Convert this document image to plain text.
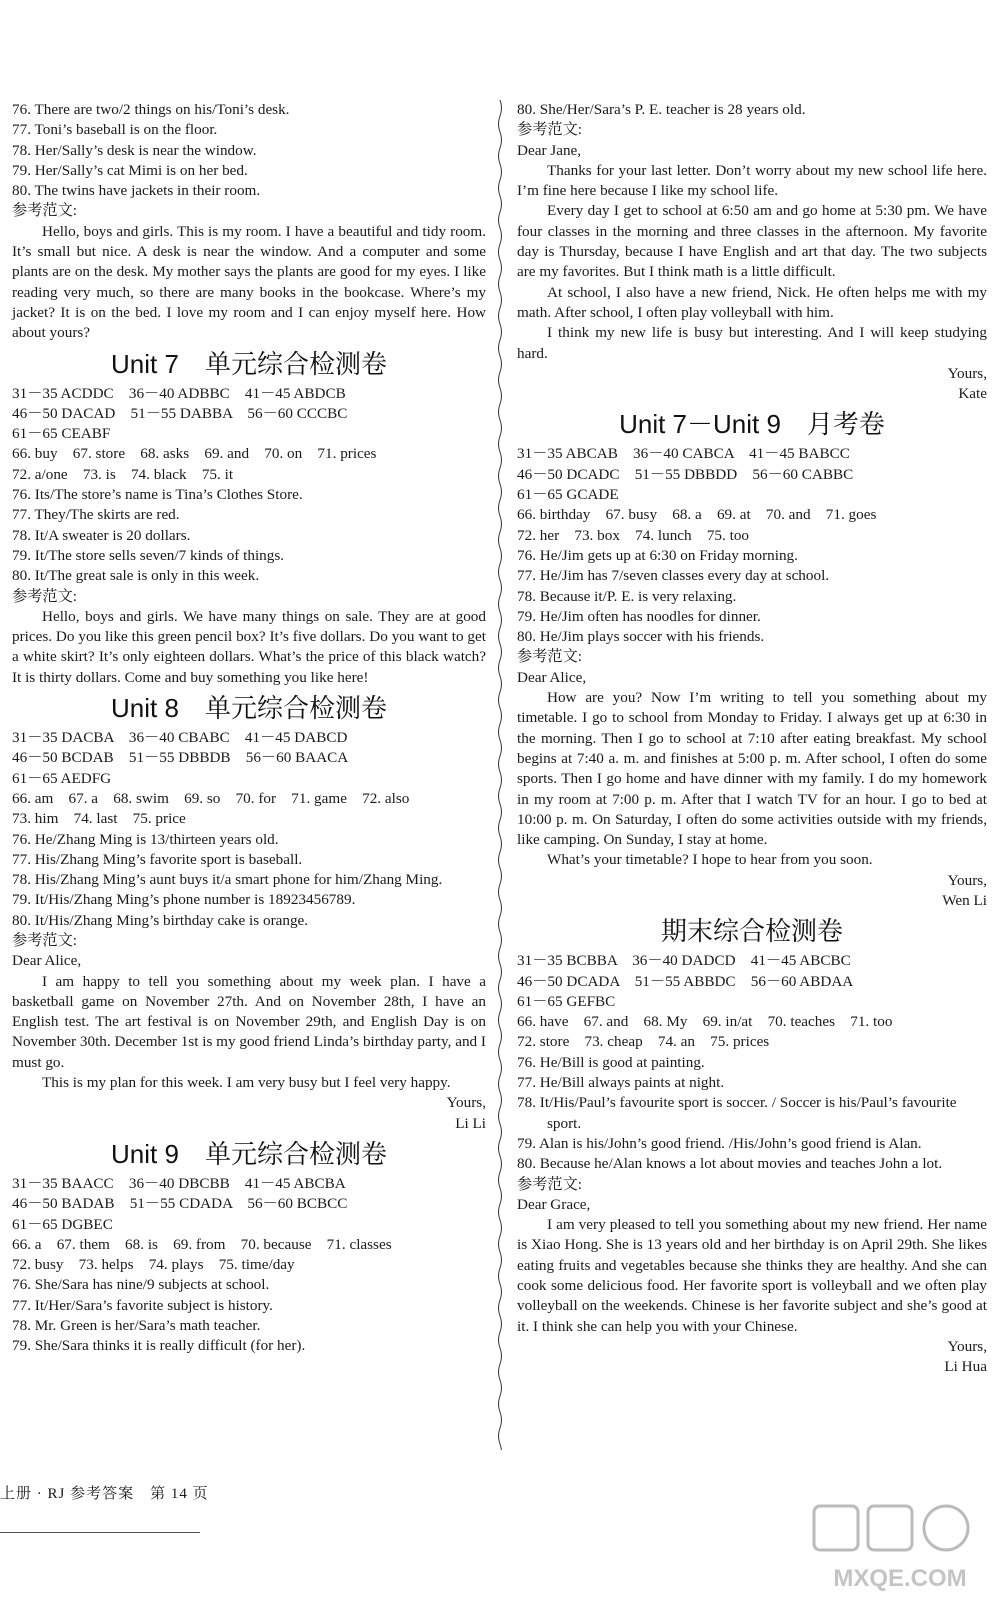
76. There are two/2 things on his/Toni’s desk.
77. Toni’s baseball is on the floor.
78. Her/Sally’s desk is near the window.
79. Her/Sally’s cat Mimi is on her bed.
80. The twins have jackets in their room.
参考范文:
Hello, boys and girls. This is my room. I have a beautiful and tidy room. It’s small but nice. A desk is near the window. And a computer and some plants are on the desk. My mother says the plants are good for my eyes. I like reading very much, so there are many books in the bookcase. Where’s my jacket? It is on the bed. I love my room and I can enjoy myself here. How about yours?
Unit 7　单元综合检测卷
31－35 ACDDC　36－40 ADBBC　41－45 ABDCB
46－50 DACAD　51－55 DABBA　56－60 CCCBC
61－65 CEABF
66. buy　67. store　68. asks　69. and　70. on　71. prices
72. a/one　73. is　74. black　75. it
76. Its/The store’s name is Tina’s Clothes Store.
77. They/The skirts are red.
78. It/A sweater is 20 dollars.
79. It/The store sells seven/7 kinds of things.
80. It/The great sale is only in this week.
参考范文:
Hello, boys and girls. We have many things on sale. They are at good prices. Do you like this green pencil box? It’s five dollars. Do you want to get a white skirt? It’s only eighteen dollars. What’s the price of this black watch? It is thirty dollars. Come and buy something you like here!
Unit 8　单元综合检测卷
31－35 DACBA　36－40 CBABC　41－45 DABCD
46－50 BCDAB　51－55 DBBDB　56－60 BAACA
61－65 AEDFG
66. am　67. a　68. swim　69. so　70. for　71. game　72. also
73. him　74. last　75. price
76. He/Zhang Ming is 13/thirteen years old.
77. His/Zhang Ming’s favorite sport is baseball.
78. His/Zhang Ming’s aunt buys it/a smart phone for him/Zhang Ming.
79. It/His/Zhang Ming’s phone number is 18923456789.
80. It/His/Zhang Ming’s birthday cake is orange.
参考范文:
Dear Alice,
I am happy to tell you something about my week plan. I have a basketball game on November 27th. And on November 28th, I have an English test. The art festival is on November 29th, and English Day is on November 30th. December 1st is my good friend Linda’s birthday party, and I must go.
This is my plan for this week. I am very busy but I feel very happy.
Yours,
Li Li
Unit 9　单元综合检测卷
31－35 BAACC　36－40 DBCBB　41－45 ABCBA
46－50 BADAB　51－55 CDADA　56－60 BCBCC
61－65 DGBEC
66. a　67. them　68. is　69. from　70. because　71. classes
72. busy　73. helps　74. plays　75. time/day
76. She/Sara has nine/9 subjects at school.
77. It/Her/Sara’s favorite subject is history.
78. Mr. Green is her/Sara’s math teacher.
79. She/Sara thinks it is really difficult (for her).
80. She/Her/Sara’s P. E. teacher is 28 years old.
参考范文:
Dear Jane,
Thanks for your last letter. Don’t worry about my new school life here. I’m fine here because I like my school life.
Every day I get to school at 6:50 am and go home at 5:30 pm. We have four classes in the morning and three classes in the afternoon. My favorite day is Thursday, because I have English and art that day. The two subjects are my favorites. But I think math is a little difficult.
At school, I also have a new friend, Nick. He often helps me with my math. After school, I often play volleyball with him.
I think my new life is busy but interesting. And I will keep studying hard.
Yours,
Kate
Unit 7－Unit 9　月考卷
31－35 ABCAB　36－40 CABCA　41－45 BABCC
46－50 DCADC　51－55 DBBDD　56－60 CABBC
61－65 GCADE
66. birthday　67. busy　68. a　69. at　70. and　71. goes
72. her　73. box　74. lunch　75. too
76. He/Jim gets up at 6:30 on Friday morning.
77. He/Jim has 7/seven classes every day at school.
78. Because it/P. E. is very relaxing.
79. He/Jim often has noodles for dinner.
80. He/Jim plays soccer with his friends.
参考范文:
Dear Alice,
How are you? Now I’m writing to tell you something about my timetable. I go to school from Monday to Friday. I always get up at 6:30 in the morning. Then I go to school at 7:10 after eating breakfast. My school begins at 7:40 a. m. and finishes at 5:00 p. m. After school, I often do some sports. Then I go home and have dinner with my family. I do my homework in my room at 7:00 p. m. After that I watch TV for an hour. I go to bed at 10:00 p. m. On Saturday, I often do some activities outside with my friends, like camping. On Sunday, I stay at home.
What’s your timetable? I hope to hear from you soon.
Yours,
Wen Li
期末综合检测卷
31－35 BCBBA　36－40 DADCD　41－45 ABCBC
46－50 DCADA　51－55 ABBDC　56－60 ABDAA
61－65 GEFBC
66. have　67. and　68. My　69. in/at　70. teaches　71. too
72. store　73. cheap　74. an　75. prices
76. He/Bill is good at painting.
77. He/Bill always paints at night.
78. It/His/Paul’s favourite sport is soccer. / Soccer is his/Paul’s favourite sport.
79. Alan is his/John’s good friend. /His/John’s good friend is Alan.
80. Because he/Alan knows a lot about movies and teaches John a lot.
参考范文:
Dear Grace,
I am very pleased to tell you something about my new friend. Her name is Xiao Hong. She is 13 years old and her birthday is on April 29th. She likes eating fruits and vegetables because she thinks they are healthy. And she can cook some delicious food. Her favorite sport is volleyball and we often play volleyball on the weekends. Chinese is her favorite subject and she’s good at it. I think she can help you with your Chinese.
Yours,
Li Hua
上册 · RJ 参考答案　第 14 页
MXQE.COM
